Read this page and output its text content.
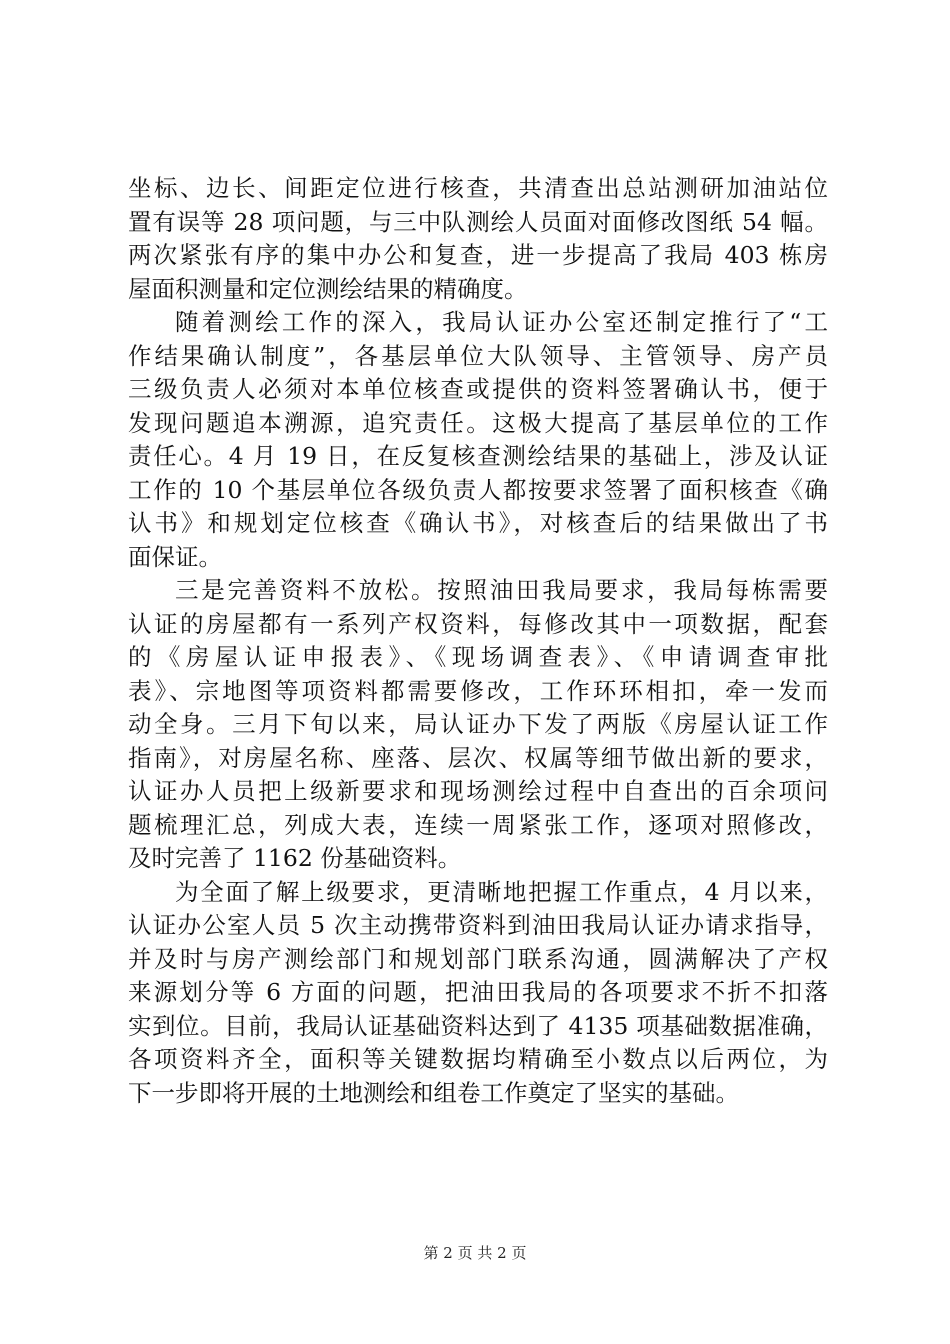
坐标、边长、间距定位进行核查，共清查出总站测研加油站位
置有误等 28 项问题，与三中队测绘人员面对面修改图纸 54 幅。
两次紧张有序的集中办公和复查，进一步提高了我局 403 栋房
屋面积测量和定位测绘结果的精确度。
随着测绘工作的深入，我局认证办公室还制定推行了“工
作结果确认制度”，各基层单位大队领导、主管领导、房产员
三级负责人必须对本单位核查或提供的资料签署确认书，便于
发现问题追本溯源，追究责任。这极大提高了基层单位的工作
责任心。4 月 19 日，在反复核查测绘结果的基础上，涉及认证
工作的 10 个基层单位各级负责人都按要求签署了面积核查《确
认书》和规划定位核查《确认书》，对核查后的结果做出了书
面保证。
三是完善资料不放松。按照油田我局要求，我局每栋需要
认证的房屋都有一系列产权资料，每修改其中一项数据，配套
的《房屋认证申报表》、《现场调查表》、《申请调查审批
表》、宗地图等项资料都需要修改，工作环环相扣，牵一发而
动全身。三月下旬以来，局认证办下发了两版《房屋认证工作
指南》，对房屋名称、座落、层次、权属等细节做出新的要求，
认证办人员把上级新要求和现场测绘过程中自查出的百余项问
题梳理汇总，列成大表，连续一周紧张工作，逐项对照修改，
及时完善了 1162 份基础资料。
为全面了解上级要求，更清晰地把握工作重点，4 月以来，
认证办公室人员 5 次主动携带资料到油田我局认证办请求指导，
并及时与房产测绘部门和规划部门联系沟通，圆满解决了产权
来源划分等 6 方面的问题，把油田我局的各项要求不折不扣落
实到位。目前，我局认证基础资料达到了 4135 项基础数据准确，
各项资料齐全，面积等关键数据均精确至小数点以后两位，为
下一步即将开展的土地测绘和组卷工作奠定了坚实的基础。
第 2 页 共 2 页
